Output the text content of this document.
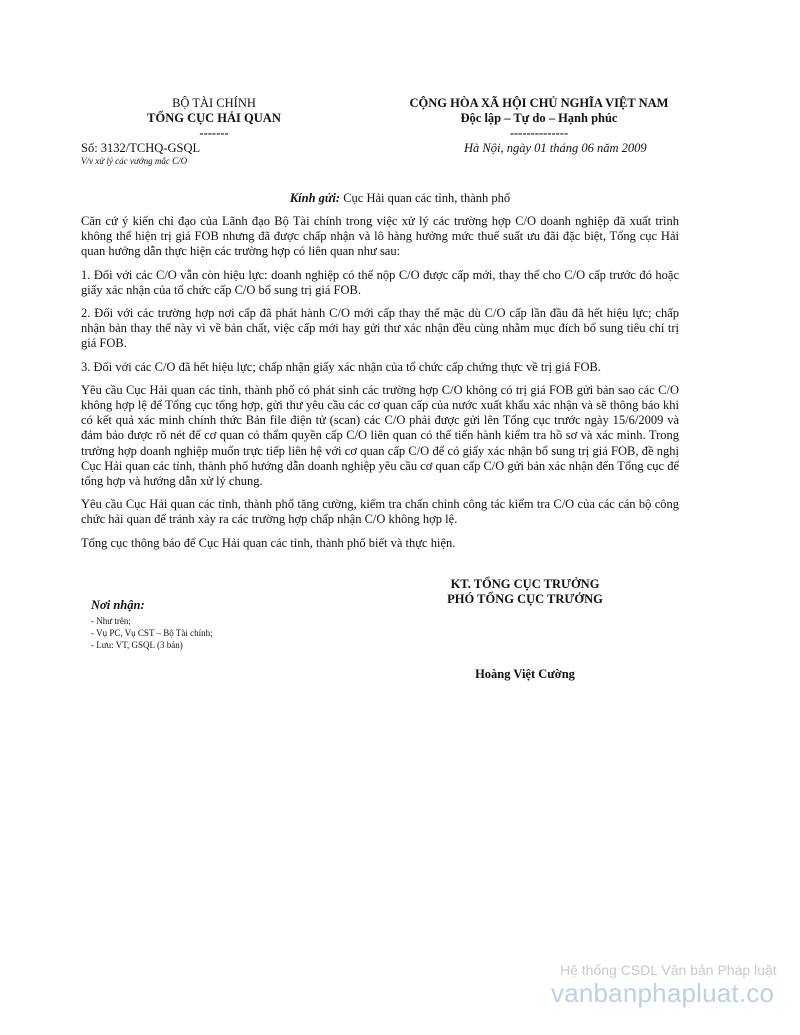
BỘ TÀI CHÍNH
TỔNG CỤC HẢI QUAN
-------
CỘNG HÒA XÃ HỘI CHỦ NGHĨA VIỆT NAM
Độc lập – Tự do – Hạnh phúc
--------------
Số: 3132/TCHQ-GSQL
V/v xử lý các vướng mắc C/O
Hà Nội, ngày 01 tháng 06 năm 2009
Kính gửi: Cục Hải quan các tỉnh, thành phố

Căn cứ ý kiến chỉ đạo của Lãnh đạo Bộ Tài chính trong việc xử lý các trường hợp C/O doanh nghiệp đã xuất trình không thể hiện trị giá FOB nhưng đã được chấp nhận và lô hàng hưởng mức thuế suất ưu đãi đặc biệt, Tổng cục Hải quan hướng dẫn thực hiện các trường hợp có liên quan như sau:

1. Đối với các C/O vẫn còn hiệu lực: doanh nghiệp có thể nộp C/O được cấp mới, thay thế cho C/O cấp trước đó hoặc giấy xác nhận của tổ chức cấp C/O bổ sung trị giá FOB.

2. Đối với các trường hợp nơi cấp đã phát hành C/O mới cấp thay thế mặc dù C/O cấp lần đầu đã hết hiệu lực; chấp nhận bản thay thế này vì về bản chất, việc cấp mới hay gửi thư xác nhận đều cùng nhằm mục đích bổ sung tiêu chí trị giá FOB.

3. Đối với các C/O đã hết hiệu lực; chấp nhận giấy xác nhận của tổ chức cấp chứng thực về trị giá FOB.

Yêu cầu Cục Hải quan các tỉnh, thành phố có phát sinh các trường hợp C/O không có trị giá FOB gửi bản sao các C/O không hợp lệ để Tổng cục tổng hợp, gửi thư yêu cầu các cơ quan cấp của nước xuất khẩu xác nhận và sẽ thông báo khi có kết quả xác minh chính thức Bản file điện tử (scan) các C/O phải được gửi lên Tổng cục trước ngày 15/6/2009 và đảm bảo được rõ nét để cơ quan có thẩm quyền cấp C/O liên quan có thể tiến hành kiểm tra hồ sơ và xác minh. Trong trường hợp doanh nghiệp muốn trực tiếp liên hệ với cơ quan cấp C/O để có giấy xác nhận bổ sung trị giá FOB, đề nghị Cục Hải quan các tỉnh, thành phố hướng dẫn doanh nghiệp yêu cầu cơ quan cấp C/O gửi bản xác nhận đến Tổng cục để tổng hợp và hướng dẫn xử lý chung.

Yêu cầu Cục Hải quan các tỉnh, thành phố tăng cường, kiểm tra chấn chỉnh công tác kiểm tra C/O của các cán bộ công chức hải quan để tránh xảy ra các trường hợp chấp nhận C/O không hợp lệ.

Tổng cục thông báo để Cục Hải quan các tỉnh, thành phố biết và thực hiện.

KT. TỔNG CỤC TRƯỞNG
PHÓ TỔNG CỤC TRƯỞNG
Hoàng Việt Cường
Nơi nhận:
- Như trên;
- Vụ PC, Vụ CST – Bộ Tài chính;
- Lưu: VT, GSQL (3 bản)
Hệ thống CSDL Văn bản Pháp luật
vanbanphapluat.co
